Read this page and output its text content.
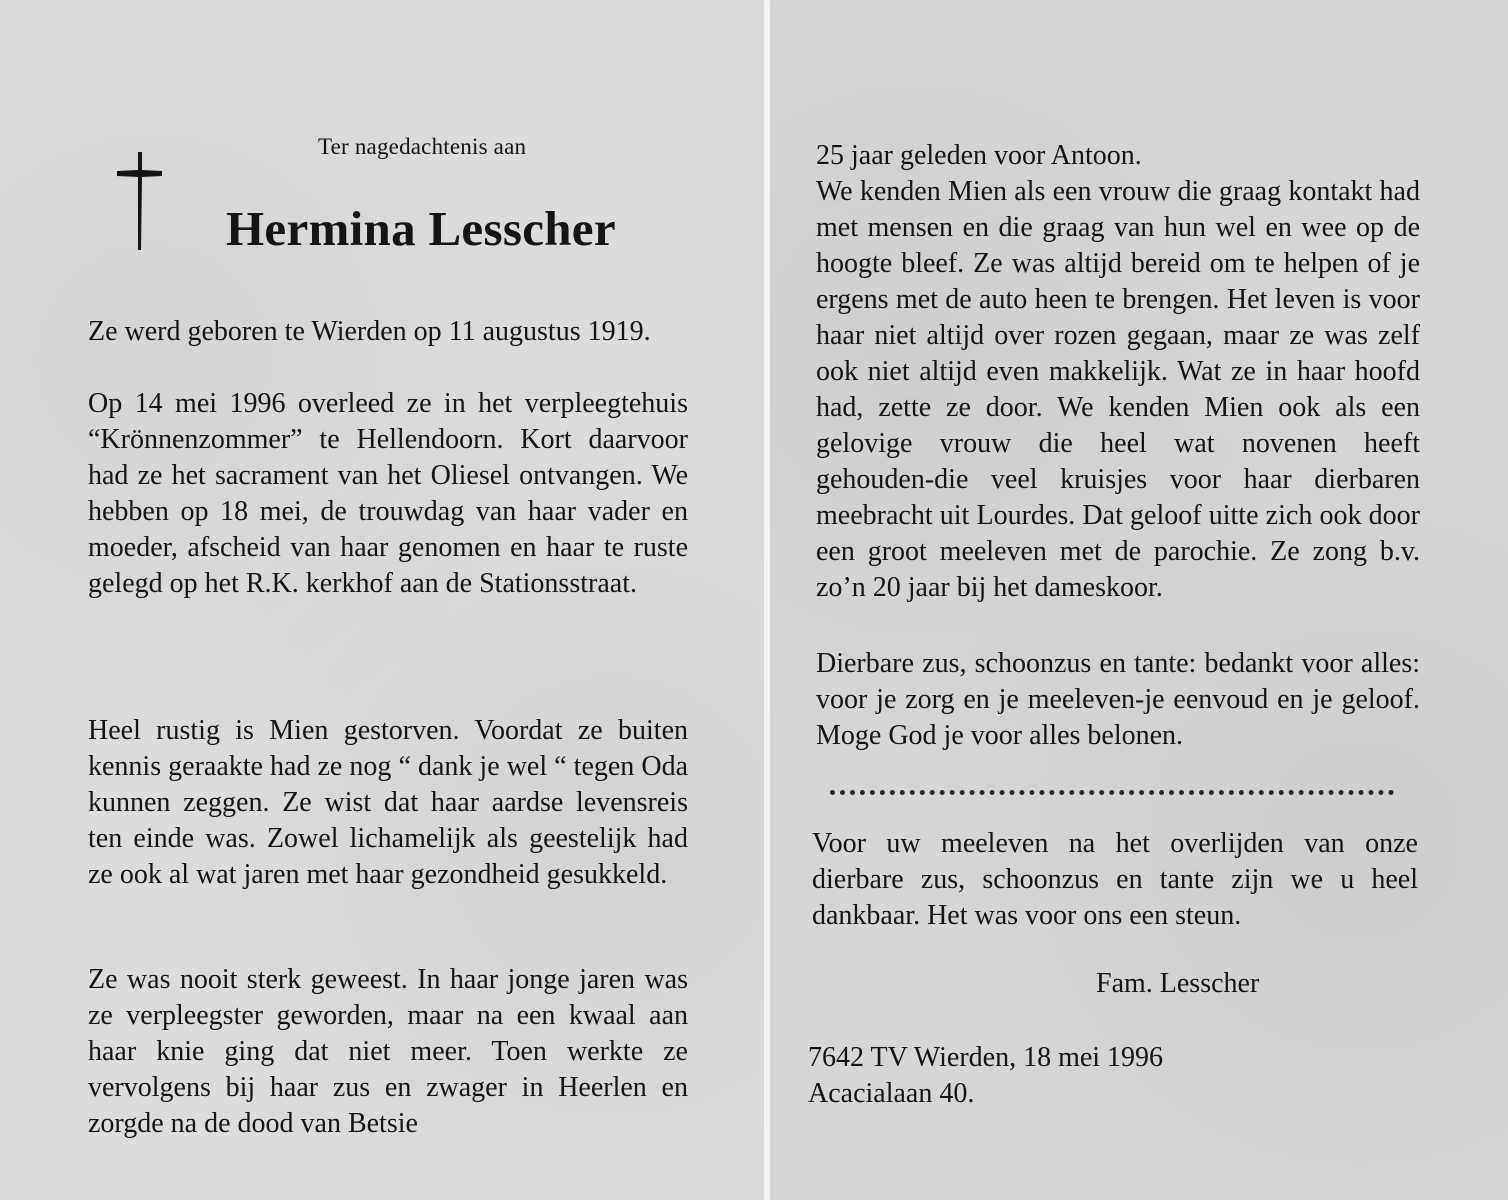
Ter nagedachtenis aan
Hermina Lesscher

Ze werd geboren te Wierden op 11 augustus 1919.

Op 14 mei 1996 overleed ze in het verpleegtehuis “Krönnenzommer” te Hellendoorn. Kort daarvoor had ze het sacrament van het Oliesel ontvangen. We hebben op 18 mei, de trouwdag van haar vader en moeder, afscheid van haar genomen en haar te ruste gelegd op het R.K. kerkhof aan de Stationsstraat.

Heel rustig is Mien gestorven. Voordat ze buiten kennis geraakte had ze nog “ dank je wel “ tegen Oda kunnen zeggen. Ze wist dat haar aardse levensreis ten einde was. Zowel lichamelijk als geestelijk had ze ook al wat jaren met haar gezondheid gesukkeld.

Ze was nooit sterk geweest. In haar jonge jaren was ze verpleegster geworden, maar na een kwaal aan haar knie ging dat niet meer. Toen werkte ze vervolgens bij haar zus en zwager in Heerlen en zorgde na de dood van Betsie

25 jaar geleden voor Antoon.

We kenden Mien als een vrouw die graag kontakt had met mensen en die graag van hun wel en wee op de hoogte bleef. Ze was altijd bereid om te helpen of je ergens met de auto heen te brengen. Het leven is voor haar niet altijd over rozen gegaan, maar ze was zelf ook niet altijd even makkelijk. Wat ze in haar hoofd had, zette ze door. We kenden Mien ook als een gelovige vrouw die heel wat novenen heeft gehouden-die veel kruisjes voor haar dierbaren meebracht uit Lourdes. Dat geloof uitte zich ook door een groot meeleven met de parochie. Ze zong b.v. zo’n 20 jaar bij het dameskoor.

Dierbare zus, schoonzus en tante: bedankt voor alles: voor je zorg en je meeleven-je eenvoud en je geloof. Moge God je voor alles belonen.

Voor uw meeleven na het overlijden van onze dierbare zus, schoonzus en tante zijn we u heel dankbaar. Het was voor ons een steun.

Fam. Lesscher
7642 TV Wierden, 18 mei 1996
Acacialaan 40.
